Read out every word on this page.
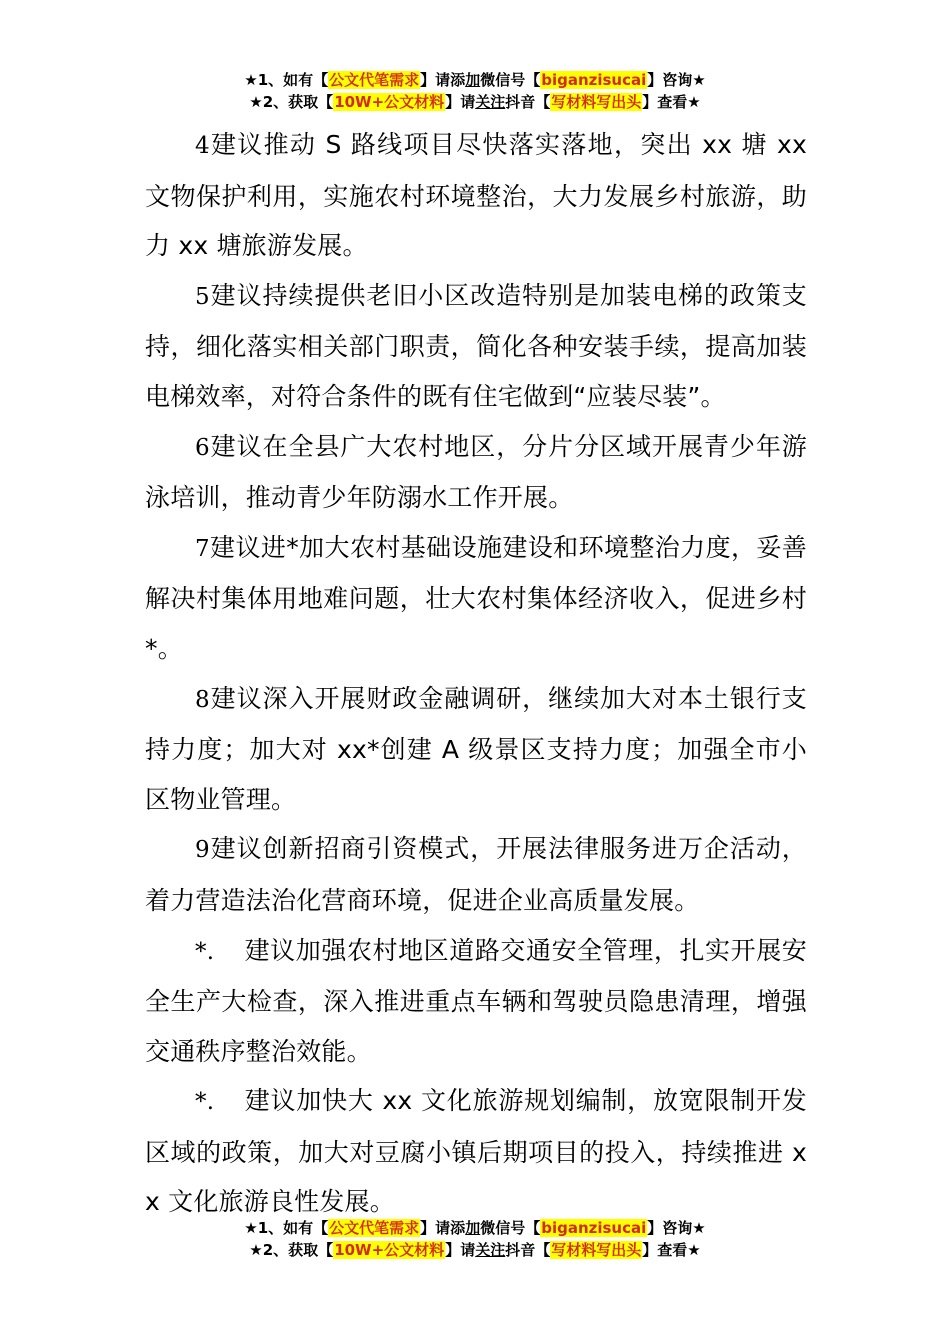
★1、如有【公文代笔需求】请添加微信号【biganzisucai】咨询★
★2、获取【10W+公文材料】请关注抖音【写材料写出头】查看★

4建议推动 S 路线项目尽快落实落地，突出 xx 塘 xx 文物保护利用，实施农村环境整治，大力发展乡村旅游，助力 xx 塘旅游发展。

5建议持续提供老旧小区改造特别是加装电梯的政策支持，细化落实相关部门职责，简化各种安装手续，提高加装电梯效率，对符合条件的既有住宅做到“应装尽装”。

6建议在全县广大农村地区，分片分区域开展青少年游泳培训，推动青少年防溺水工作开展。

7建议进*加大农村基础设施建设和环境整治力度，妥善解决村集体用地难问题，壮大农村集体经济收入，促进乡村*。

8建议深入开展财政金融调研，继续加大对本土银行支持力度；加大对 xx*创建 A 级景区支持力度；加强全市小区物业管理。

9建议创新招商引资模式，开展法律服务进万企活动，着力营造法治化营商环境，促进企业高质量发展。

*. 建议加强农村地区道路交通安全管理，扎实开展安全生产大检查，深入推进重点车辆和驾驶员隐患清理，增强交通秩序整治效能。

*. 建议加快大 xx 文化旅游规划编制，放宽限制开发区域的政策，加大对豆腐小镇后期项目的投入，持续推进 xx 文化旅游良性发展。

★1、如有【公文代笔需求】请添加微信号【biganzisucai】咨询★
★2、获取【10W+公文材料】请关注抖音【写材料写出头】查看★
